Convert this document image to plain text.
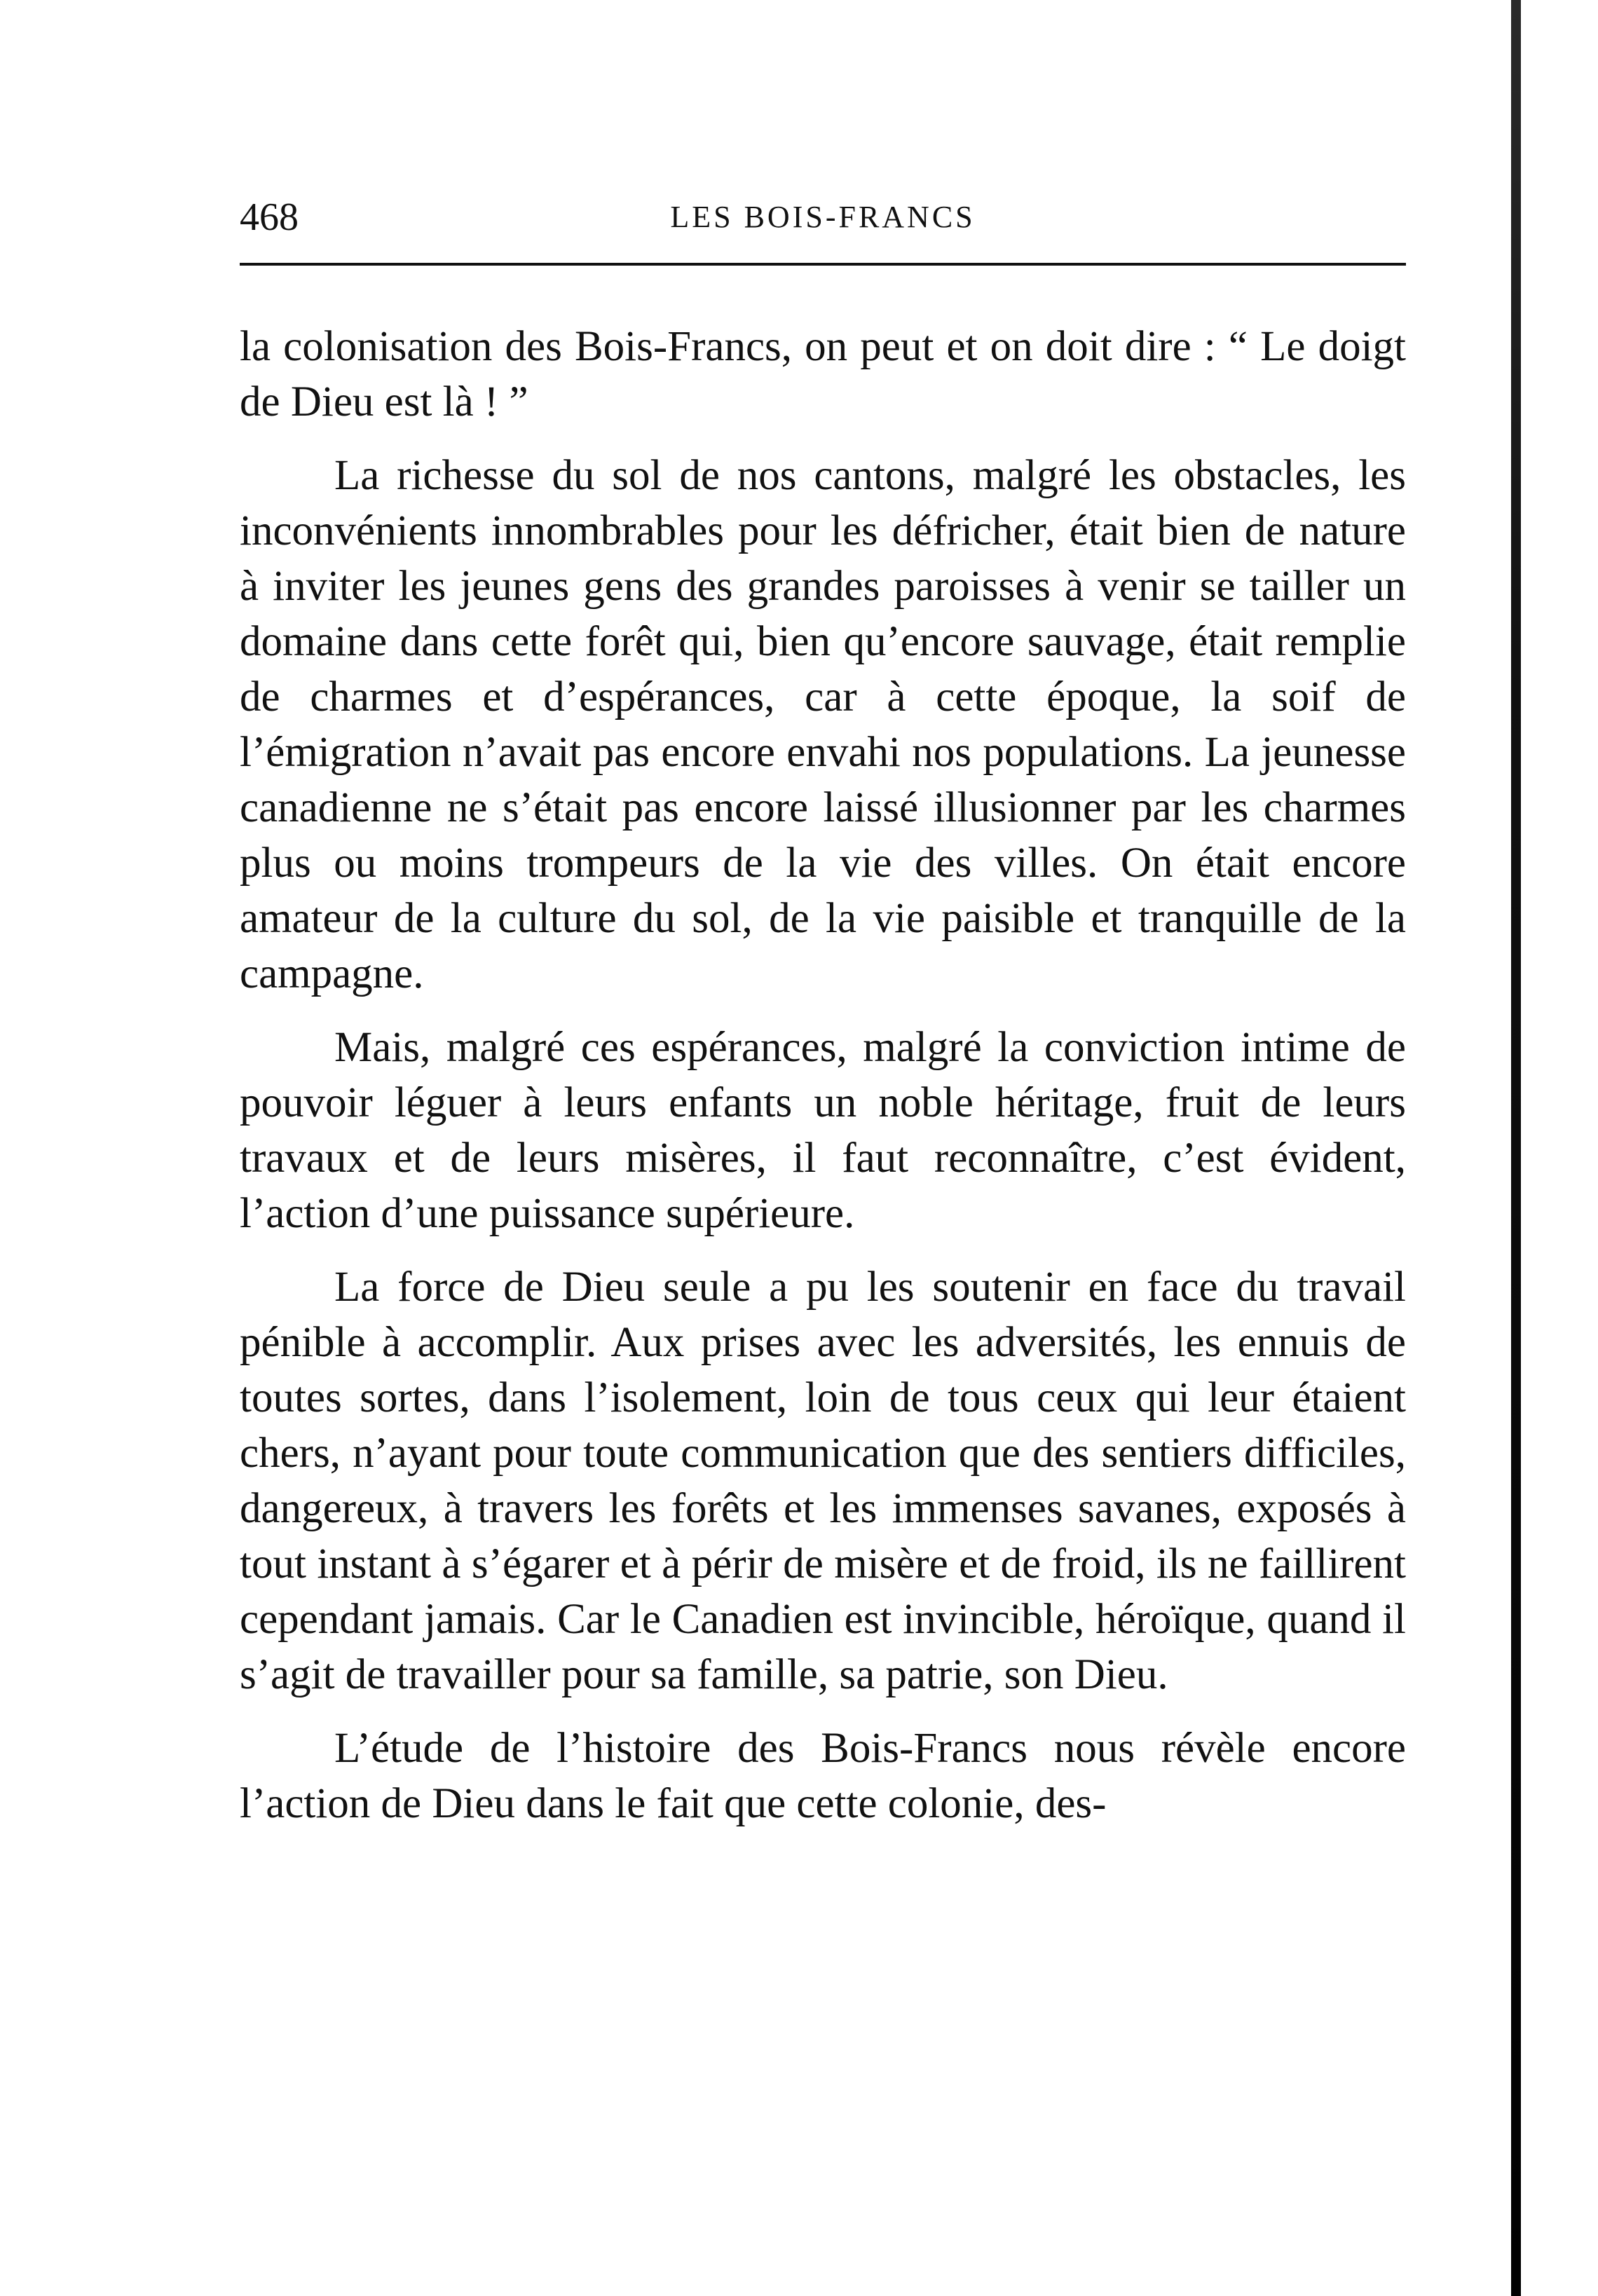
468	LES BOIS-FRANCS

la colonisation des Bois-Francs, on peut et on doit dire : “ Le doigt de Dieu est là ! ”

La richesse du sol de nos cantons, malgré les obstacles, les inconvénients innombrables pour les défricher, était bien de nature à inviter les jeunes gens des grandes paroisses à venir se tailler un domaine dans cette forêt qui, bien qu’encore sauvage, était remplie de charmes et d’espérances, car à cette époque, la soif de l’émigration n’avait pas encore envahi nos populations. La jeunesse canadienne ne s’était pas encore laissé illusionner par les charmes plus ou moins trompeurs de la vie des villes. On était encore amateur de la culture du sol, de la vie paisible et tranquille de la campagne.

Mais, malgré ces espérances, malgré la conviction intime de pouvoir léguer à leurs enfants un noble héritage, fruit de leurs travaux et de leurs misères, il faut reconnaître, c’est évident, l’action d’une puissance supérieure.

La force de Dieu seule a pu les soutenir en face du travail pénible à accomplir. Aux prises avec les adversités, les ennuis de toutes sortes, dans l’isolement, loin de tous ceux qui leur étaient chers, n’ayant pour toute communication que des sentiers difficiles, dangereux, à travers les forêts et les immenses savanes, exposés à tout instant à s’égarer et à périr de misère et de froid, ils ne faillirent cependant jamais. Car le Canadien est invincible, héroïque, quand il s’agit de travailler pour sa famille, sa patrie, son Dieu.

L’étude de l’histoire des Bois-Francs nous révèle encore l’action de Dieu dans le fait que cette colonie, des-
